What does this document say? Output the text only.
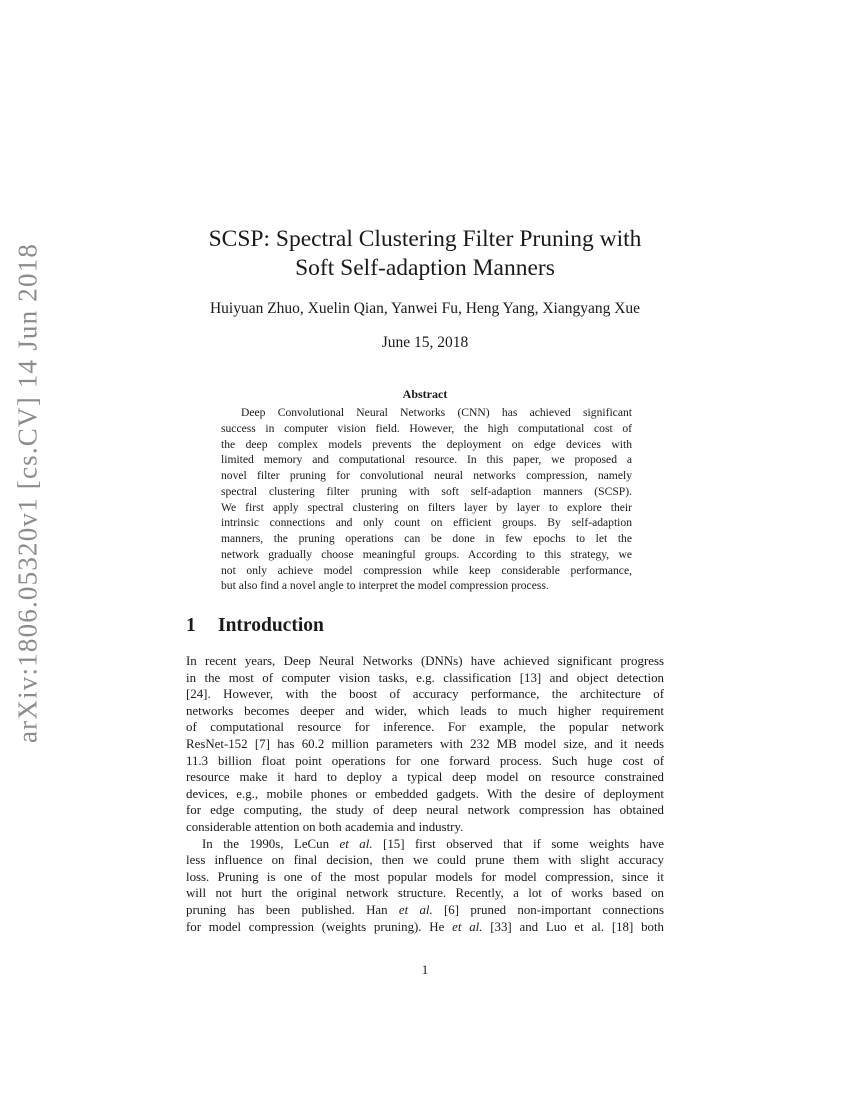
arXiv:1806.05320v1 [cs.CV] 14 Jun 2018
SCSP: Spectral Clustering Filter Pruning with
Soft Self-adaption Manners
Huiyuan Zhuo, Xuelin Qian, Yanwei Fu, Heng Yang, Xiangyang Xue
June 15, 2018
Abstract
Deep Convolutional Neural Networks (CNN) has achieved significant
success in computer vision field. However, the high computational cost of
the deep complex models prevents the deployment on edge devices with
limited memory and computational resource. In this paper, we proposed a
novel filter pruning for convolutional neural networks compression, namely
spectral clustering filter pruning with soft self-adaption manners (SCSP).
We first apply spectral clustering on filters layer by layer to explore their
intrinsic connections and only count on efficient groups. By self-adaption
manners, the pruning operations can be done in few epochs to let the
network gradually choose meaningful groups. According to this strategy, we
not only achieve model compression while keep considerable performance,
but also find a novel angle to interpret the model compression process.
1 Introduction
In recent years, Deep Neural Networks (DNNs) have achieved significant progress
in the most of computer vision tasks, e.g. classification [13] and object detection
[24]. However, with the boost of accuracy performance, the architecture of
networks becomes deeper and wider, which leads to much higher requirement
of computational resource for inference. For example, the popular network
ResNet-152 [7] has 60.2 million parameters with 232 MB model size, and it needs
11.3 billion float point operations for one forward process. Such huge cost of
resource make it hard to deploy a typical deep model on resource constrained
devices, e.g., mobile phones or embedded gadgets. With the desire of deployment
for edge computing, the study of deep neural network compression has obtained
considerable attention on both academia and industry.
In the 1990s, LeCun et al. [15] first observed that if some weights have
less influence on final decision, then we could prune them with slight accuracy
loss. Pruning is one of the most popular models for model compression, since it
will not hurt the original network structure. Recently, a lot of works based on
pruning has been published. Han et al. [6] pruned non-important connections
for model compression (weights pruning). He et al. [33] and Luo et al. [18] both
1
